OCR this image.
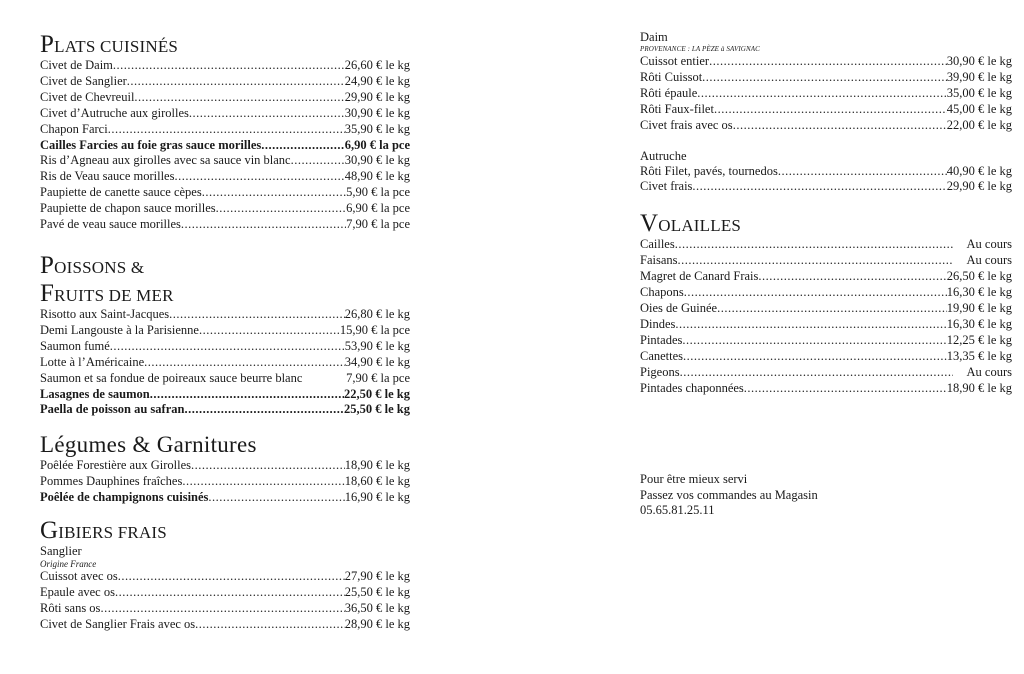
PLATS CUISINÉS
Civet de Daim .....	26,60 € le kg
Civet de Sanglier .....	24,90 € le kg
Civet de Chevreuil .....	29,90 € le kg
Civet d’Autruche aux girolles .....	30,90 € le kg
Chapon Farci .....	35,90 € le kg
Cailles Farcies au foie gras sauce morilles .....	6,90 € la pce
Ris d’Agneau aux girolles avec sa sauce vin blanc .....	30,90 € le kg
Ris de Veau sauce morilles .....	48,90 € le kg
Paupiette de canette sauce cèpes .....	5,90 € la pce
Paupiette de chapon sauce morilles .....	6,90 € la pce
Pavé de veau sauce morilles .....	7,90 € la pce
POISSONS &
FRUITS DE MER
Risotto aux Saint-Jacques .....	26,80 € le kg
Demi Langouste à la Parisienne .....	15,90 € la pce
Saumon fumé .....	53,90 € le kg
Lotte à l’Américaine .....	34,90 € le kg
Saumon et sa fondue de poireaux sauce beurre blanc	7,90 € la pce
Lasagnes de saumon .....	22,50 € le kg
Paella de poisson au safran .....	25,50 € le kg
Légumes & Garnitures
Poêlée Forestière aux Girolles .....	18,90 € le kg
Pommes Dauphines fraîches .....	18,60 € le kg
Poêlée de champignons cuisinés .....	16,90 € le kg
GIBIERS FRAIS
Sanglier
Origine France
Cuissot avec os .....	27,90 € le kg
Epaule avec os .....	25,50 € le kg
Rôti sans os .....	36,50 € le kg
Civet de Sanglier Frais avec os .....	28,90 € le kg
Daim
PROVENANCE : LA PÈZE à SAVIGNAC
Cuissot entier .....	30,90 € le kg
Rôti Cuissot .....	39,90 € le kg
Rôti épaule .....	35,00 € le kg
Rôti Faux-filet .....	45,00 € le kg
Civet frais avec os .....	22,00 € le kg
Autruche
Rôti Filet, pavés, tournedos .....	40,90 € le kg
Civet frais .....	29,90 € le kg
VOLAILLES
Cailles .....	Au cours
Faisans .....	Au cours
Magret de Canard Frais .....	26,50 € le kg
Chapons .....	16,30 € le kg
Oies de Guinée .....	19,90 € le kg
Dindes .....	16,30 € le kg
Pintades .....	12,25 € le kg
Canettes .....	13,35 € le kg
Pigeons .....	Au cours
Pintades chaponnées .....	18,90 € le kg
Pour être mieux servi
Passez vos commandes au Magasin
05.65.81.25.11
